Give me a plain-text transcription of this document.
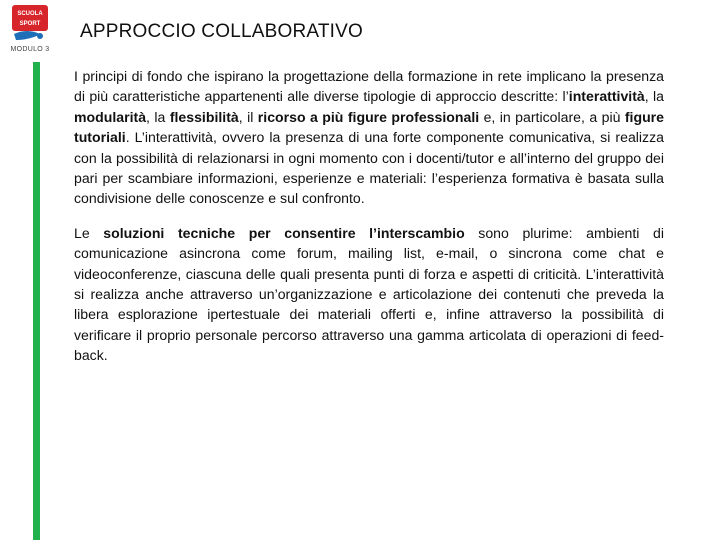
SCUOLA
SPORT
MODULO 3
APPROCCIO COLLABORATIVO

I principi di fondo che ispirano la progettazione della formazione in rete implicano la presenza di più caratteristiche appartenenti alle diverse tipologie di approccio descritte: l’interattività, la modularità, la flessibilità, il ricorso a più figure professionali e, in particolare, a più figure tutoriali. L’interattività, ovvero la presenza di una forte componente comunicativa, si realizza con la possibilità di relazionarsi in ogni momento con i docenti/tutor e all’interno del gruppo dei pari per scambiare informazioni, esperienze e materiali: l’esperienza formativa è basata sulla condivisione delle conoscenze e sul confronto.

Le soluzioni tecniche per consentire l’interscambio sono plurime: ambienti di comunicazione asincrona come forum, mailing list, e-mail, o sincrona come chat e videoconferenze, ciascuna delle quali presenta punti di forza e aspetti di criticità. L’interattività si realizza anche attraverso un’organizzazione e articolazione dei contenuti che preveda la libera esplorazione ipertestuale dei materiali offerti e, infine attraverso la possibilità di verificare il proprio personale percorso attraverso una gamma articolata di operazioni di feed-back.
